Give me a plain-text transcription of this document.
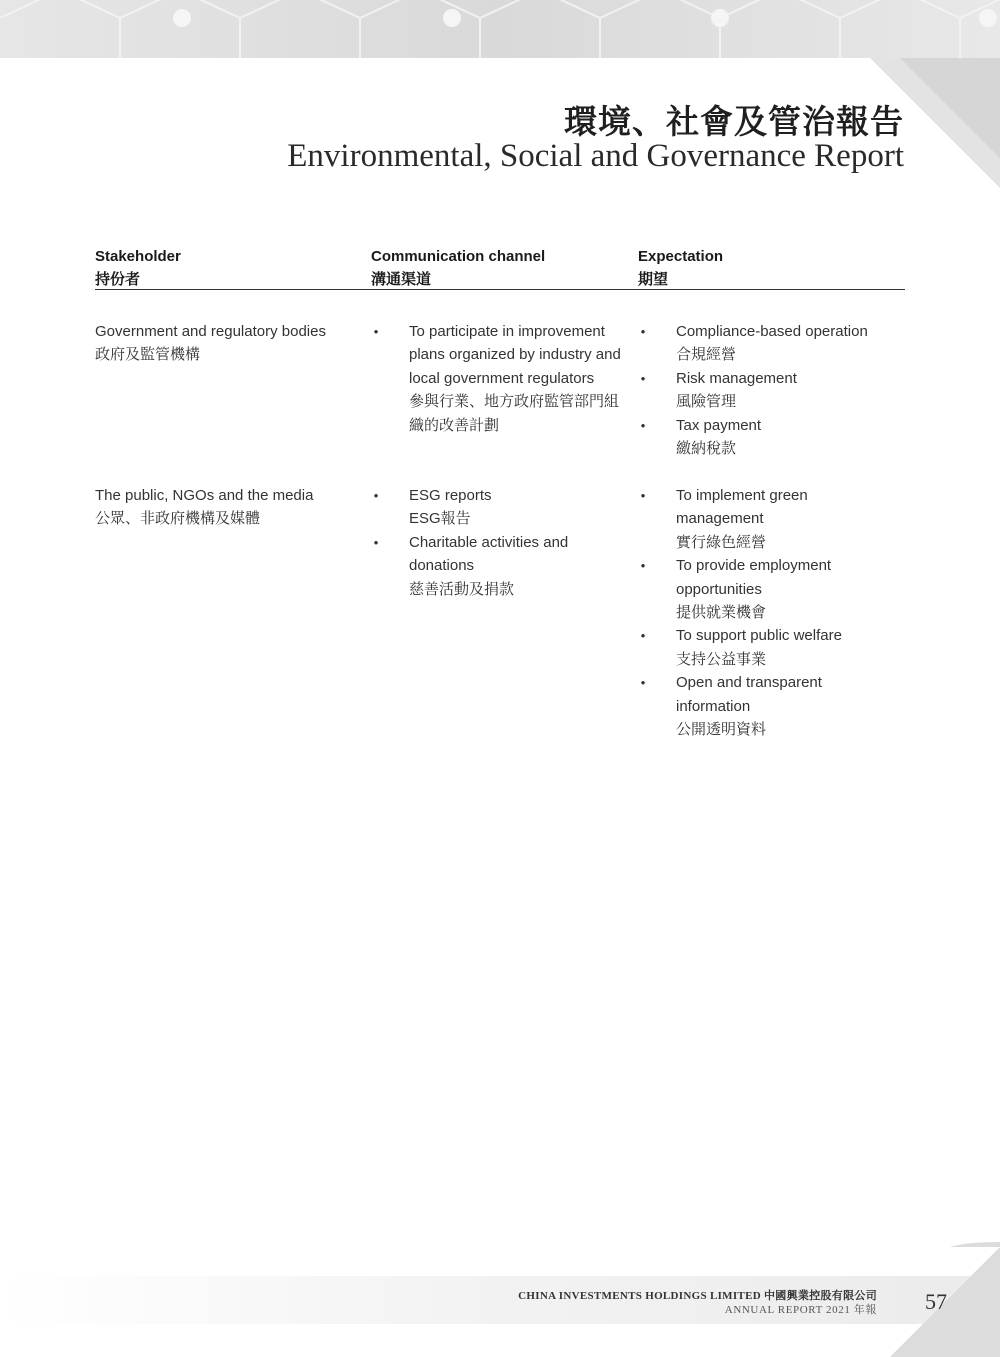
環境、社會及管治報告
Environmental, Social and Governance Report
Stakeholder
持份者
Communication channel
溝通渠道
Expectation
期望
Government and regulatory bodies
政府及監管機構
• To participate in improvement
plans organized by industry and
local government regulators
參與行業、地方政府監管部門組
織的改善計劃
• Compliance-based operation
合規經營
• Risk management
風險管理
• Tax payment
繳納稅款
The public, NGOs and the media
公眾、非政府機構及媒體
• ESG reports
ESG報告
• Charitable activities and
donations
慈善活動及捐款
• To implement green
management
實行綠色經營
• To provide employment
opportunities
提供就業機會
• To support public welfare
支持公益事業
• Open and transparent
information
公開透明資料
CHINA INVESTMENTS HOLDINGS LIMITED 中國興業控股有限公司
ANNUAL REPORT 2021 年報 57
